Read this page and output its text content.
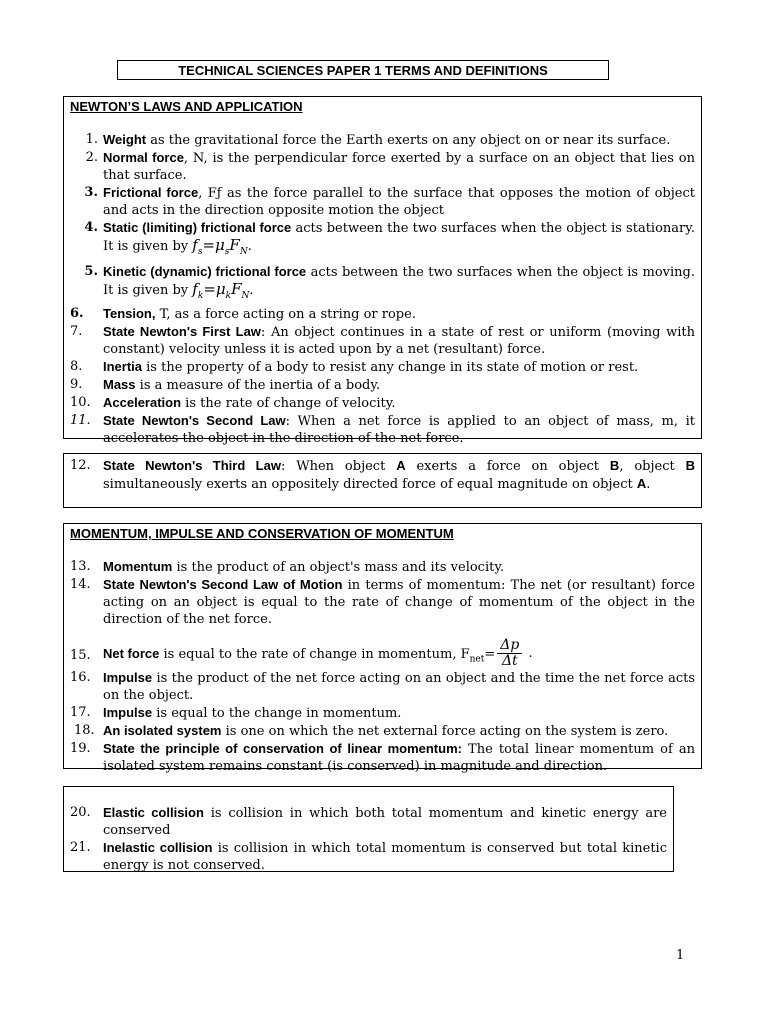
TECHNICAL SCIENCES PAPER 1 TERMS AND DEFINITIONS

NEWTON’S LAWS AND APPLICATION

1. Weight as the gravitational force the Earth exerts on any object on or near its surface.
2. Normal force, N, is the perpendicular force exerted by a surface on an object that lies on that surface.
3. Frictional force, Fƒ as the force parallel to the surface that opposes the motion of object and acts in the direction opposite motion the object
4. Static (limiting) frictional force acts between the two surfaces when the object is stationary. It is given by $f_s=\mu_sF_N$.
5. Kinetic (dynamic) frictional force acts between the two surfaces when the object is moving. It is given by $f_k=\mu_kF_N$.
6.	Tension, T, as a force acting on a string or rope.
7.	State Newton's First Law: An object continues in a state of rest or uniform (moving with constant) velocity unless it is acted upon by a net (resultant) force.
8.	Inertia is the property of a body to resist any change in its state of motion or rest.
9.	Mass is a measure of the inertia of a body.
10. Acceleration is the rate of change of velocity.
11. State Newton's Second Law: When a net force is applied to an object of mass, m, it accelerates the object in the direction of the net force.
12. State Newton's Third Law: When object A exerts a force on object B, object B simultaneously exerts an oppositely directed force of equal magnitude on object A.

MOMENTUM, IMPULSE AND CONSERVATION OF MOMENTUM

13. Momentum is the product of an object's mass and its velocity.
14. State Newton's Second Law of Motion in terms of momentum: The net (or resultant) force acting on an object is equal to the rate of change of momentum of the object in the direction of the net force.
15. Net force is equal to the rate of change in momentum, $F_{net}= \frac{\Delta p}{\Delta t}$ .
16. Impulse is the product of the net force acting on an object and the time the net force acts on the object.
17. Impulse is equal to the change in momentum.
18. An isolated system is one on which the net external force acting on the system is zero.
19. State the principle of conservation of linear momentum: The total linear momentum of an isolated system remains constant (is conserved) in magnitude and direction.
20. Elastic collision is collision in which both total momentum and kinetic energy are conserved
21. Inelastic collision is collision in which total momentum is conserved but total kinetic energy is not conserved.
1
